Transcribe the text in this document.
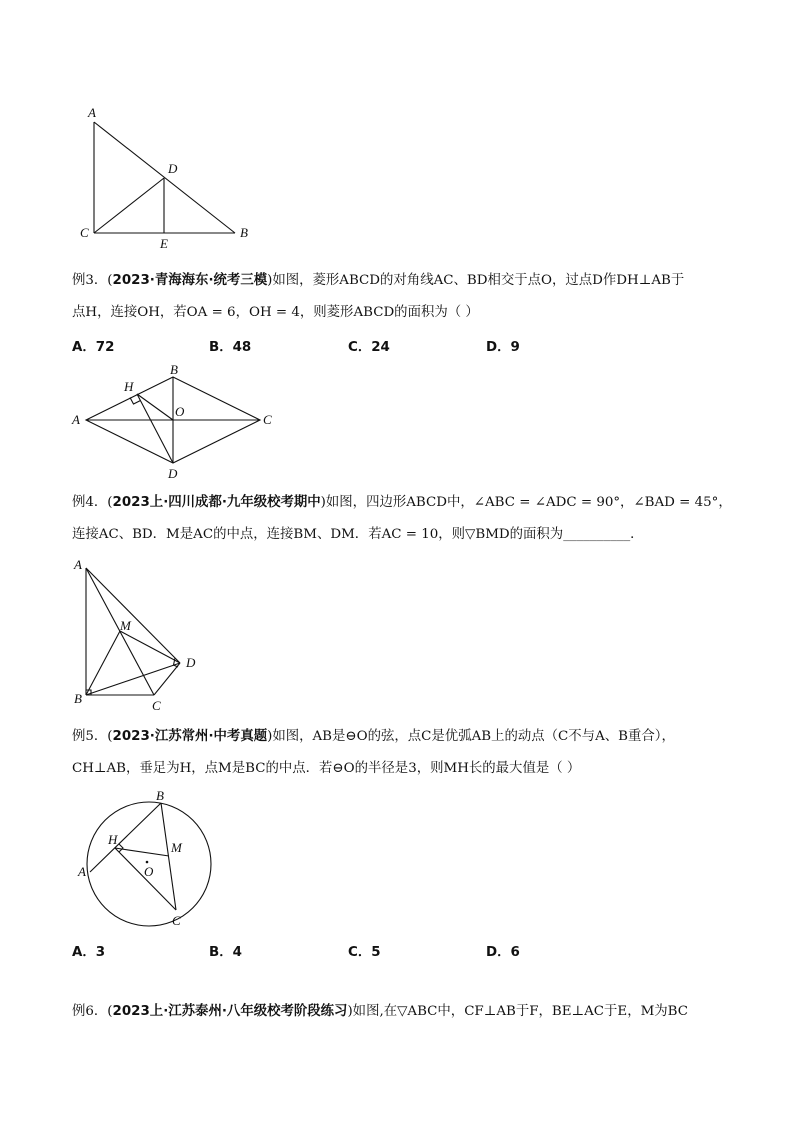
A
C
D
E
B
例3．(2023·青海海东·统考三模)如图，菱形ABCD的对角线AC、BD相交于点O，过点D作DH⊥AB于
点H，连接OH，若OA = 6，OH = 4，则菱形ABCD的面积为（ ）
A．72	B．48	C．24	D．9
A
B
C
D
H
O
例4．(2023上·四川成都·九年级校考期中)如图，四边形ABCD中，∠ABC = ∠ADC = 90°，∠BAD = 45°，
连接AC、BD．M是AC的中点，连接BM、DM．若AC = 10，则▽BMD的面积为__________．
A
B	C
D
M
例5．(2023·江苏常州·中考真题)如图，AB是⊖O的弦，点C是优弧AB上的动点（C不与A、B重合），
CH⊥AB，垂足为H，点M是BC的中点．若⊖O的半径是3，则MH长的最大值是（ ）
A
B
C
H
M
O
A．3	B．4	C．5	D．6
例6．(2023上·江苏泰州·八年级校考阶段练习)如图,在▽ABC中，CF⊥AB于F，BE⊥AC于E，M为BC
